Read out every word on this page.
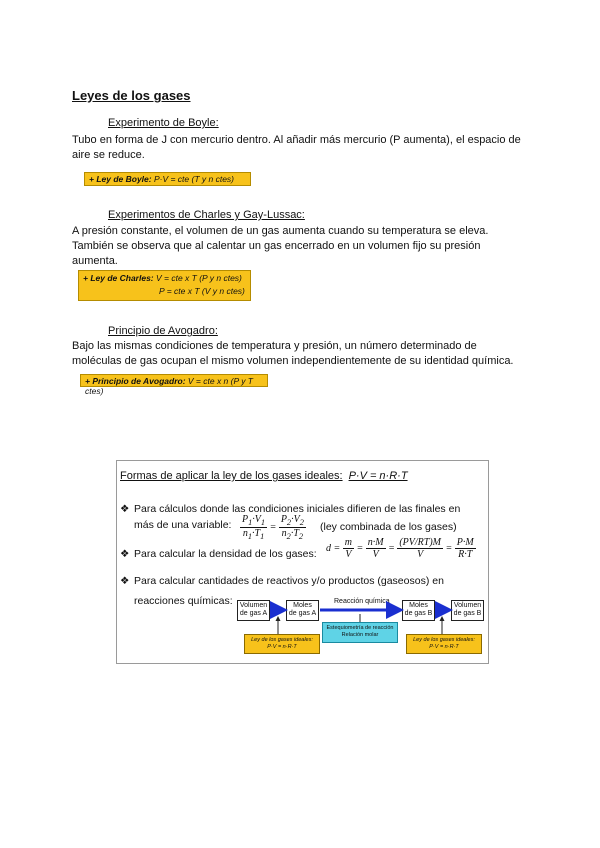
Leyes de los gases
Experimento de Boyle:
Tubo en forma de J con mercurio dentro. Al añadir más mercurio (P aumenta), el espacio de aire se reduce.
+ Ley de Boyle: P·V = cte (T y n ctes)
Experimentos de Charles y Gay-Lussac:
A presión constante, el volumen de un gas aumenta cuando su temperatura se eleva.
También se observa que al calentar un gas encerrado en un volumen fijo su presión
aumenta.
+ Ley de Charles: V = cte x T (P y n ctes)
P = cte x T (V y n ctes)
Principio de Avogadro:
Bajo las mismas condiciones de temperatura y presión, un número determinado de
moléculas de gas ocupan el mismo volumen independientemente de su identidad química.
+ Principio de Avogadro: V = cte x n (P y T ctes)
Formas de aplicar la ley de los gases ideales: P·V = n·R·T
❖ Para cálculos donde las condiciones iniciales difieren de las finales en
más de una variable: $\frac{P_1\cdot V_1}{n_1\cdot T_1} = \frac{P_2\cdot V_2}{n_2\cdot T_2} (ley$ combinada de los gases)
❖ Para calcular la densidad de los gases: $d = \frac{m}{V} = \frac{n\cdot M}{V} = \frac{(PV/RT)M}{V} = \frac{P\cdot M}{R\cdot T}$
❖ Para calcular cantidades de reactivos y/o productos (gaseosos) en
reacciones químicas: Volumen
de gas A
Moles
de gas A
Reacción química
Moles
de gas B
Volumen
de gas B
Estequiometría de reacción
Relación molar
Ley de los gases ideales:
P·V = n·R·T
Ley de los gases ideales:
P·V = n·R·T
